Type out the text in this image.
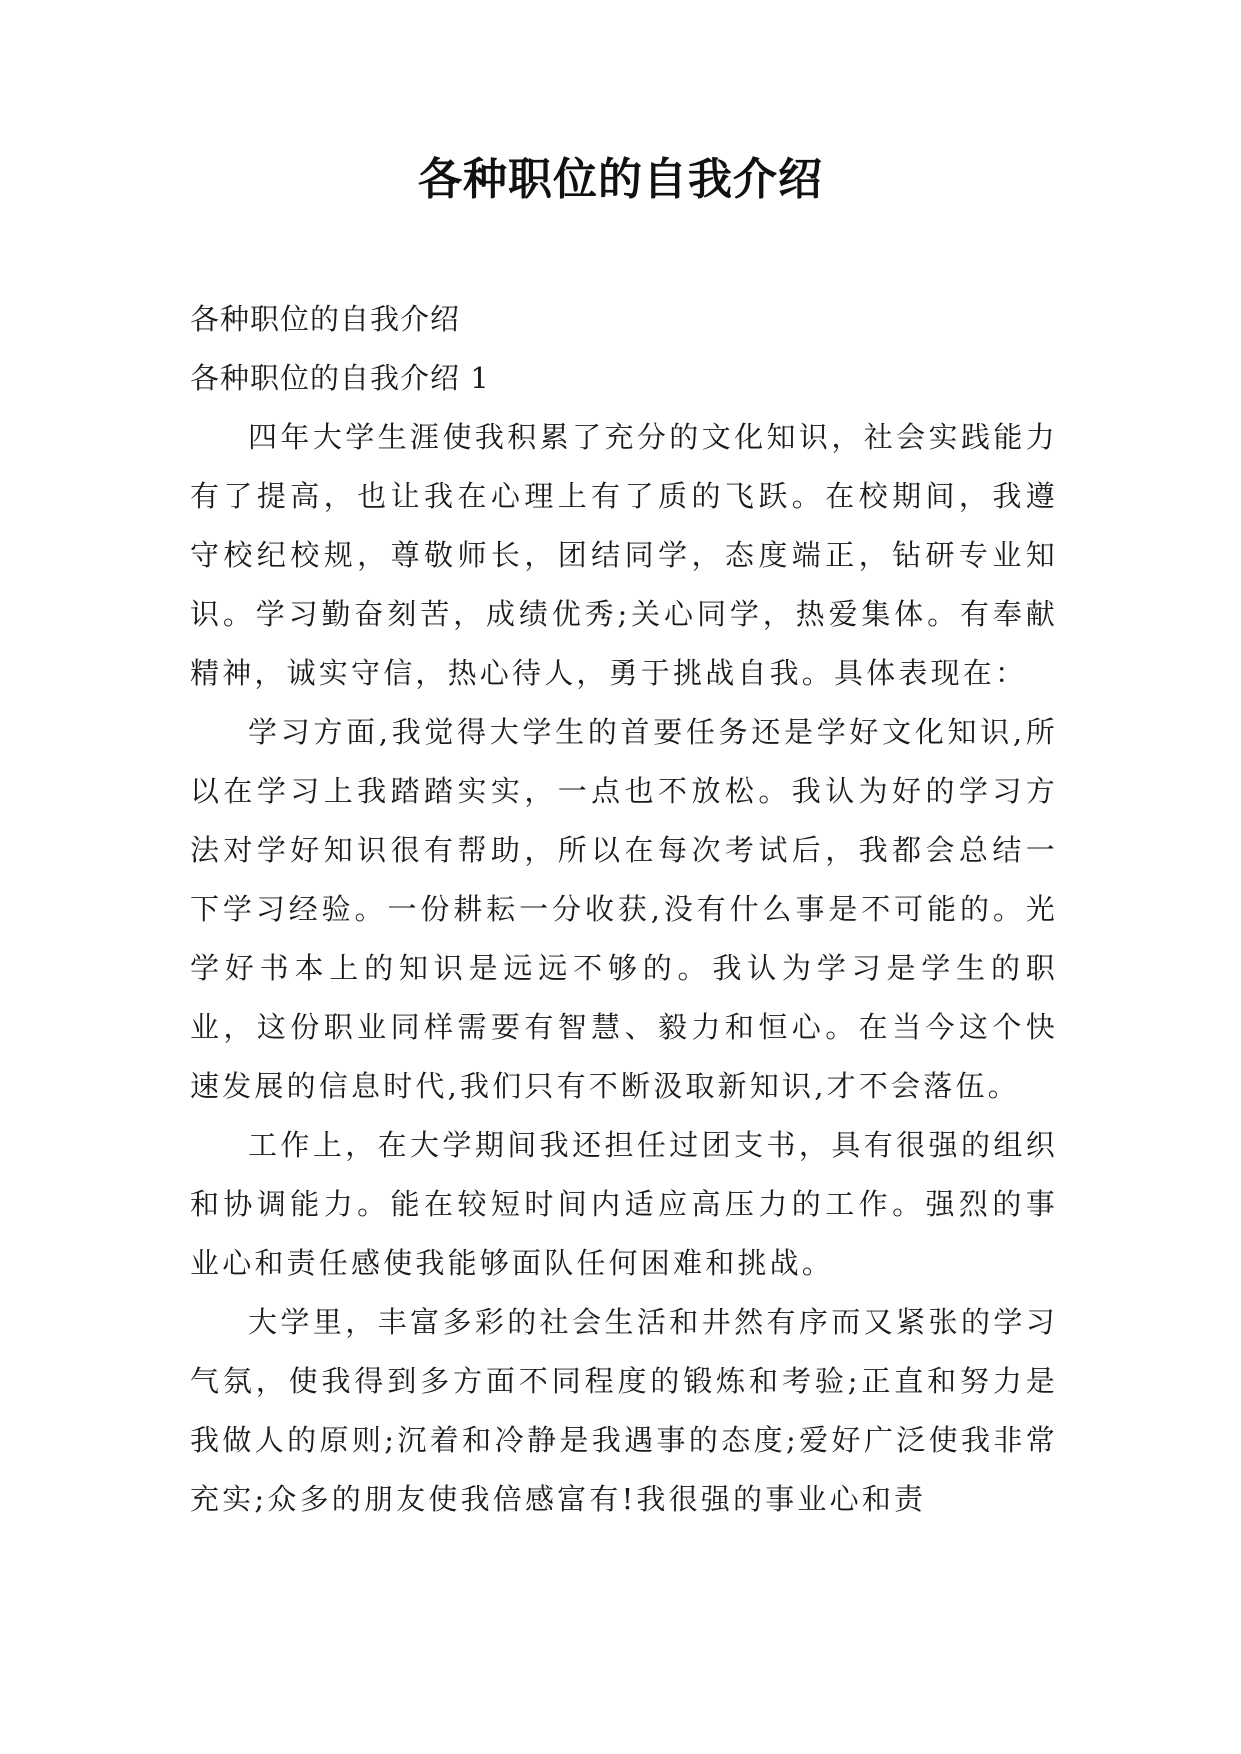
各种职位的自我介绍

各种职位的自我介绍

各种职位的自我介绍 1

四年大学生涯使我积累了充分的文化知识，社会实践能力有了提高，也让我在心理上有了质的飞跃。在校期间，我遵守校纪校规，尊敬师长，团结同学，态度端正，钻研专业知识。学习勤奋刻苦，成绩优秀;关心同学，热爱集体。有奉献精神，诚实守信，热心待人，勇于挑战自我。具体表现在：

学习方面,我觉得大学生的首要任务还是学好文化知识,所以在学习上我踏踏实实，一点也不放松。我认为好的学习方法对学好知识很有帮助，所以在每次考试后，我都会总结一下学习经验。一份耕耘一分收获,没有什么事是不可能的。光学好书本上的知识是远远不够的。我认为学习是学生的职业，这份职业同样需要有智慧、毅力和恒心。在当今这个快速发展的信息时代,我们只有不断汲取新知识,才不会落伍。

工作上，在大学期间我还担任过团支书，具有很强的组织和协调能力。能在较短时间内适应高压力的工作。强烈的事业心和责任感使我能够面队任何困难和挑战。

大学里，丰富多彩的社会生活和井然有序而又紧张的学习气氛，使我得到多方面不同程度的锻炼和考验;正直和努力是我做人的原则;沉着和冷静是我遇事的态度;爱好广泛使我非常充实;众多的朋友使我倍感富有!我很强的事业心和责
